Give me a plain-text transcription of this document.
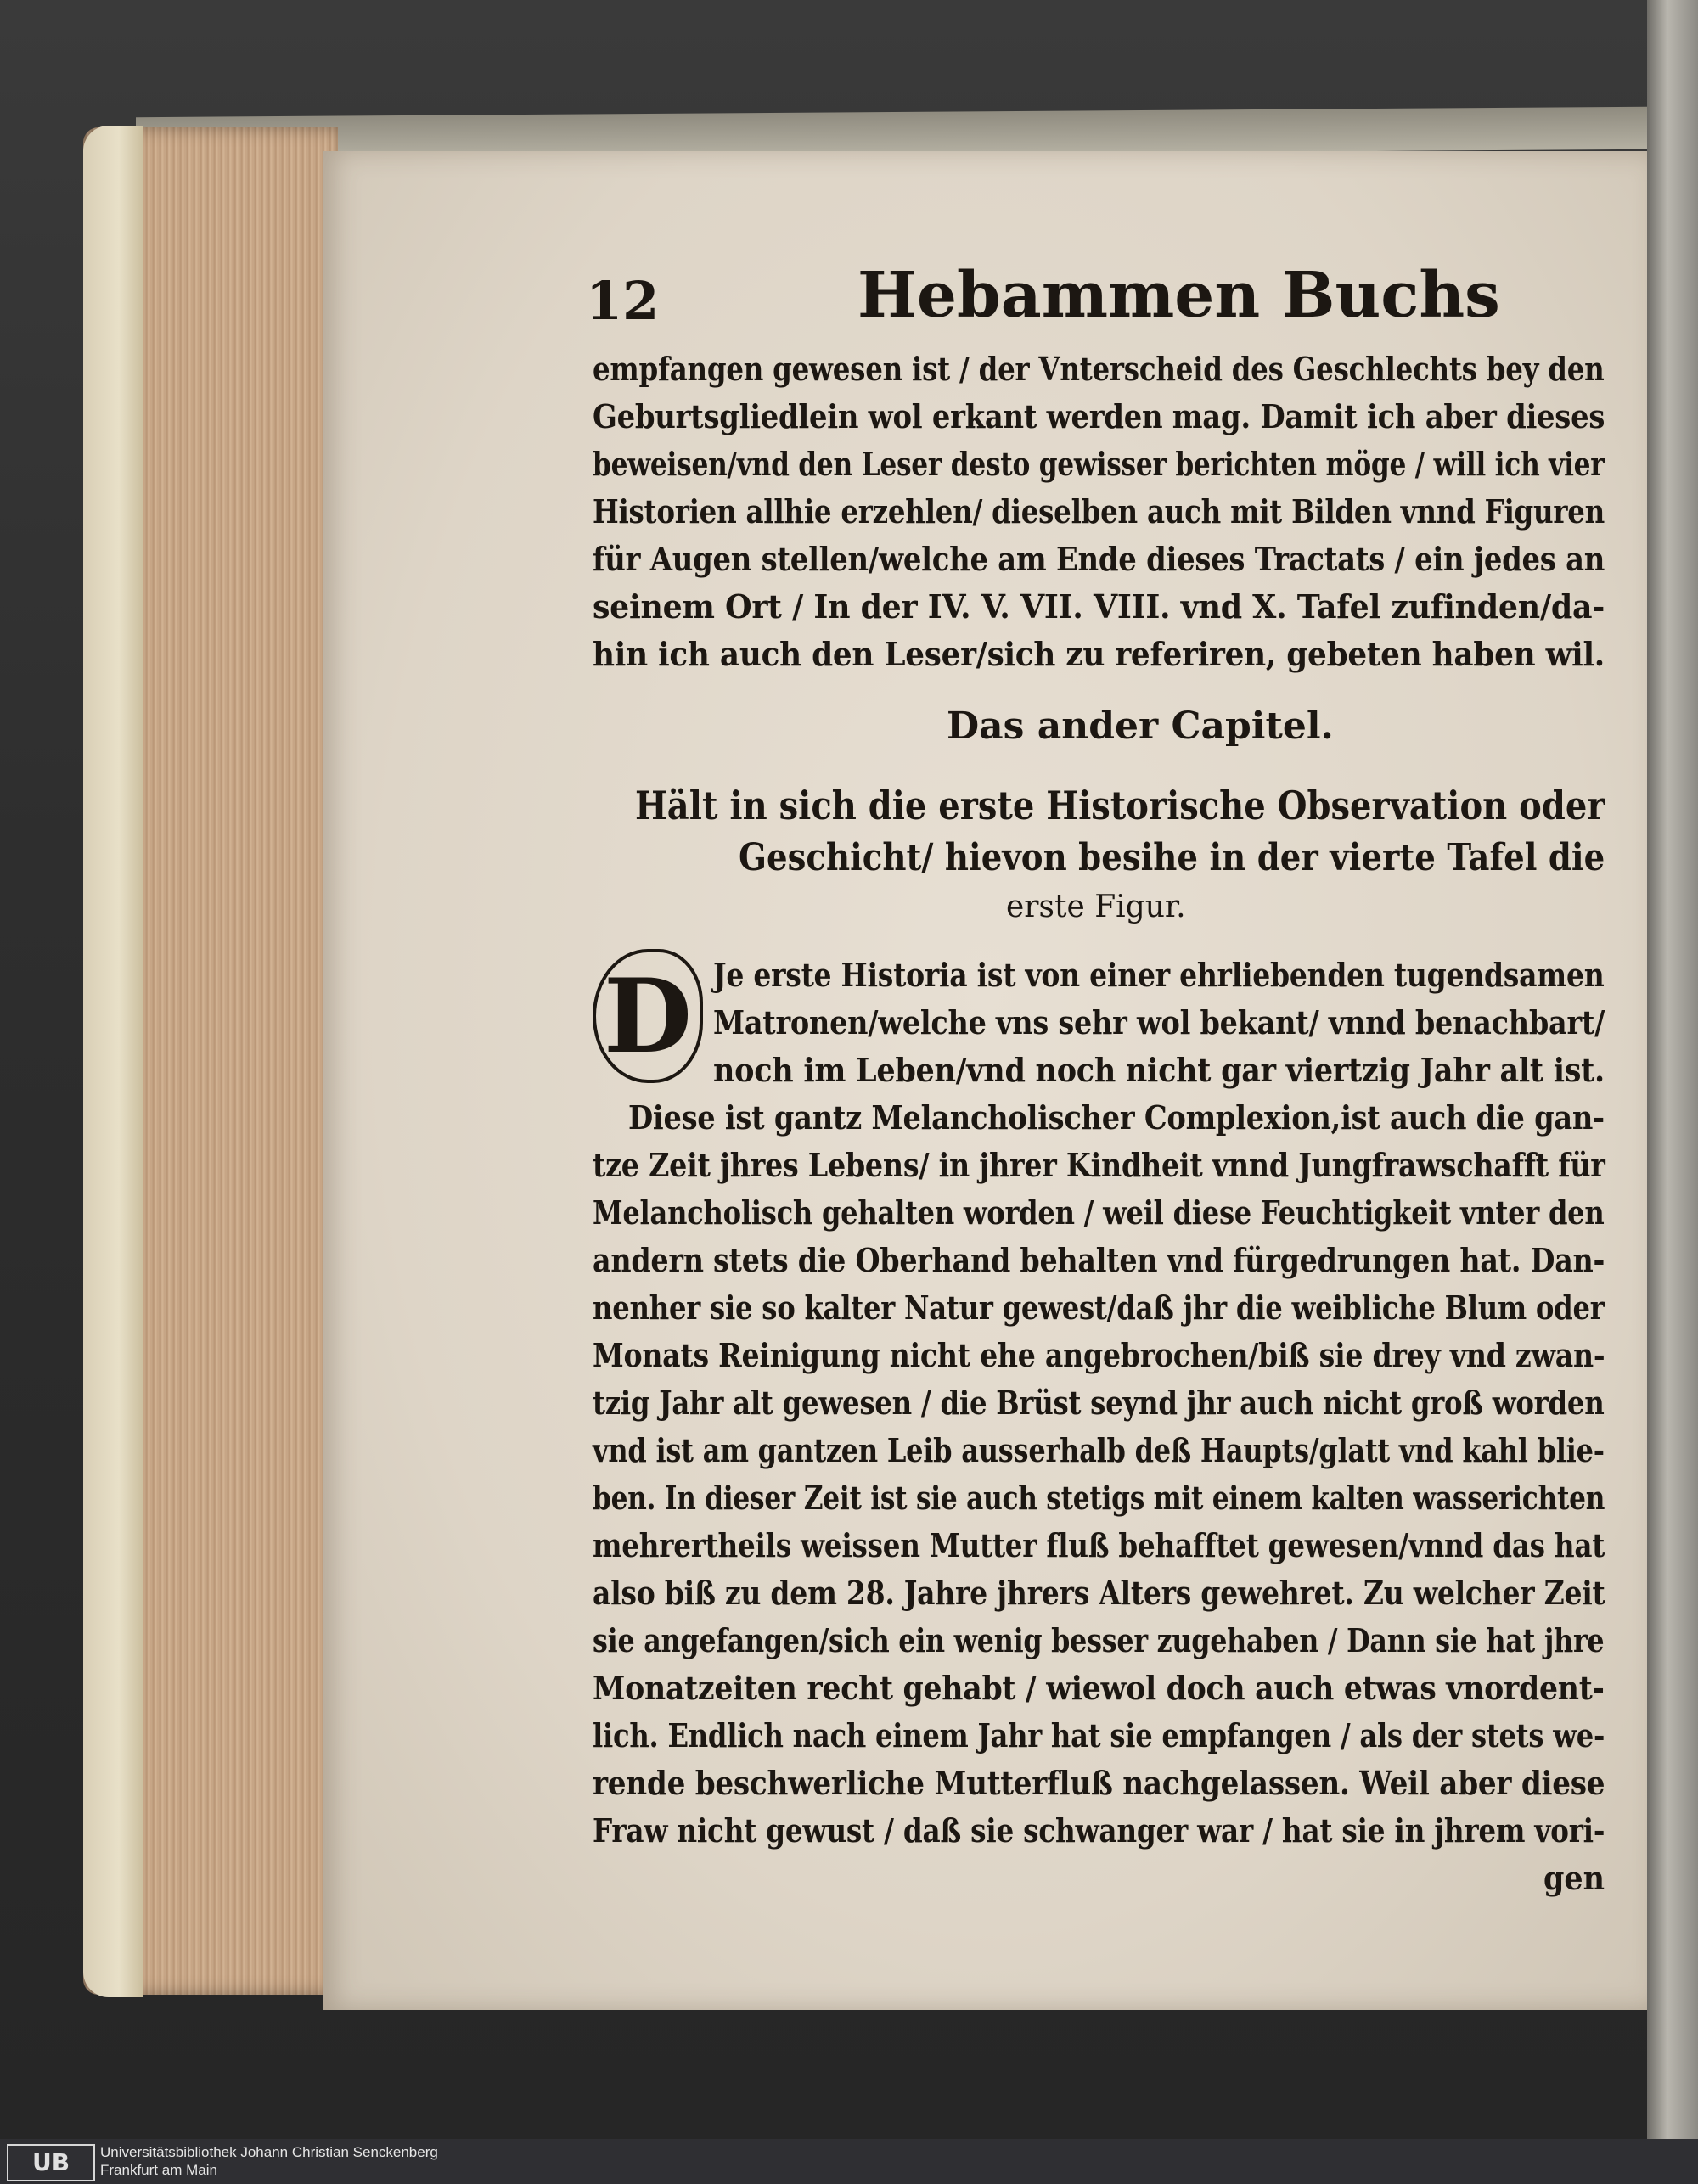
12	Hebammen Buchs
empfangen gewesen ist / der Vnterscheid des Geschlechts bey den
Geburtsgliedlein wol erkant werden mag. Damit ich aber dieses
beweisen/vnd den Leser desto gewisser berichten möge / will ich vier
Historien allhie erzehlen/ dieselben auch mit Bilden vnnd Figuren
für Augen stellen/welche am Ende dieses Tractats / ein jedes an
seinem Ort / In der IV. V. VII. VIII. vnd X. Tafel zufinden/da-
hin ich auch den Leser/sich zu referiren, gebeten haben wil.
Das ander Capitel.
Hält in sich die erste Historische Observation oder
Geschicht/ hievon besihe in der vierte Tafel die
erste Figur.
D Je erste Historia ist von einer ehrliebenden tugendsamen
Matronen/welche vns sehr wol bekant/ vnnd benachbart/
noch im Leben/vnd noch nicht gar viertzig Jahr alt ist.
Diese ist gantz Melancholischer Complexion,ist auch die gan-
tze Zeit jhres Lebens/ in jhrer Kindheit vnnd Jungfrawschafft für
Melancholisch gehalten worden / weil diese Feuchtigkeit vnter den
andern stets die Oberhand behalten vnd fürgedrungen hat. Dan-
nenher sie so kalter Natur gewest/daß jhr die weibliche Blum oder
Monats Reinigung nicht ehe angebrochen/biß sie drey vnd zwan-
tzig Jahr alt gewesen / die Brüst seynd jhr auch nicht groß worden
vnd ist am gantzen Leib ausserhalb deß Haupts/glatt vnd kahl blie-
ben. In dieser Zeit ist sie auch stetigs mit einem kalten wasserichten
mehrertheils weissen Mutter fluß behafftet gewesen/vnnd das hat
also biß zu dem 28. Jahre jhrers Alters gewehret. Zu welcher Zeit
sie angefangen/sich ein wenig besser zugehaben / Dann sie hat jhre
Monatzeiten recht gehabt / wiewol doch auch etwas vnordent-
lich. Endlich nach einem Jahr hat sie empfangen / als der stets we-
rende beschwerliche Mutterfluß nachgelassen. Weil aber diese
Fraw nicht gewust / daß sie schwanger war / hat sie in jhrem vori-
gen
UB	Universitätsbibliothek Johann Christian Senckenberg
Frankfurt am Main
